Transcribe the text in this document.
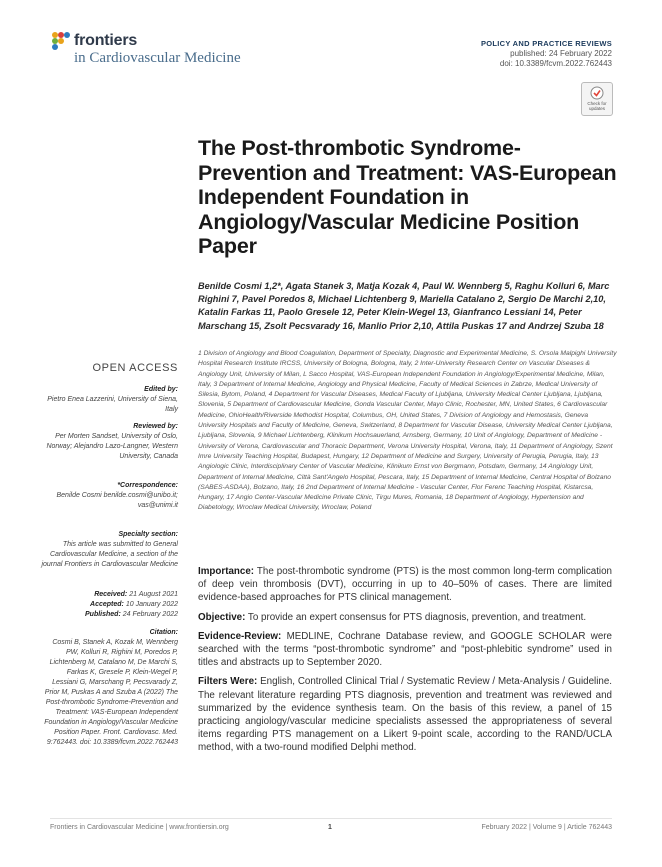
frontiers
in Cardiovascular Medicine
POLICY AND PRACTICE REVIEWS
published: 24 February 2022
doi: 10.3389/fcvm.2022.762443
Check for updates
The Post-thrombotic Syndrome-Prevention and Treatment: VAS-European Independent Foundation in Angiology/Vascular Medicine Position Paper
Benilde Cosmi 1,2*, Agata Stanek 3, Matja Kozak 4, Paul W. Wennberg 5, Raghu Kolluri 6, Marc Righini 7, Pavel Poredos 8, Michael Lichtenberg 9, Mariella Catalano 2, Sergio De Marchi 2,10, Katalin Farkas 11, Paolo Gresele 12, Peter Klein-Wegel 13, Gianfranco Lessiani 14, Peter Marschang 15, Zsolt Pecsvarady 16, Manlio Prior 2,10, Attila Puskas 17 and Andrzej Szuba 18
1 Division of Angiology and Blood Coagulation, Department of Specialty, Diagnostic and Experimental Medicine, S. Orsola Malpighi University Hospital Research Institute IRCSS, University of Bologna, Bologna, Italy, 2 Inter-University Research Center on Vascular Diseases & Angiology Unit, University of Milan, L Sacco Hospital, VAS-European Independent Foundation in Angiology/Experimental Medicine, Milan, Italy, 3 Department of Internal Medicine, Angiology and Physical Medicine, Faculty of Medical Sciences in Zabrze, Medical University of Silesia, Bytom, Poland, 4 Department for Vascular Diseases, Medical Faculty of Ljubljana, University Medical Center Ljubljana, Ljubljana, Slovenia, 5 Department of Cardiovascular Medicine, Gonda Vascular Center, Mayo Clinic, Rochester, MN, United States, 6 Cardiovascular Medicine, OhioHealth/Riverside Methodist Hospital, Columbus, OH, United States, 7 Division of Angiology and Hemostasis, Geneva University Hospitals and Faculty of Medicine, Geneva, Switzerland, 8 Department for Vascular Disease, University Medical Center Ljubljana, Ljubljana, Slovenia, 9 Michael Lichtenberg, Klinikum Hochsauerland, Arnsberg, Germany, 10 Unit of Angiology, Department of Medicine - University of Verona, Cardiovascular and Thoracic Department, Verona University Hospital, Verona, Italy, 11 Department of Angiology, Szent Imre University Teaching Hospital, Budapest, Hungary, 12 Department of Medicine and Surgery, University of Perugia, Perugia, Italy, 13 Angiologic Clinic, Interdisciplinary Center of Vascular Medicine, Klinikum Ernst von Bergmann, Potsdam, Germany, 14 Angiology Unit, Department of Internal Medicine, Città Sant'Angelo Hospital, Pescara, Italy, 15 Department of Internal Medicine, Central Hospital of Bolzano (SABES-ASDAA), Bolzano, Italy, 16 2nd Department of Internal Medicine - Vascular Center, Flor Ferenc Teaching Hospital, Kistarcsa, Hungary, 17 Angio Center-Vascular Medicine Private Clinic, Tirgu Mures, Romania, 18 Department of Angiology, Hypertension and Diabetology, Wroclaw Medical University, Wroclaw, Poland
OPEN ACCESS
Edited by:
Pietro Enea Lazzerini, University of Siena, Italy
Reviewed by:
Per Morten Sandset, University of Oslo, Norway; Alejandro Lazo-Langner, Western University, Canada
*Correspondence:
Benilde Cosmi benilde.cosmi@unibo.it; vas@unimi.it
Specialty section:
This article was submitted to General Cardiovascular Medicine, a section of the journal Frontiers in Cardiovascular Medicine
Received: 21 August 2021
Accepted: 10 January 2022
Published: 24 February 2022
Citation:
Cosmi B, Stanek A, Kozak M, Wennberg PW, Kolluri R, Righini M, Poredos P, Lichtenberg M, Catalano M, De Marchi S, Farkas K, Gresele P, Klein-Wegel P, Lessiani G, Marschang P, Pecsvarady Z, Prior M, Puskas A and Szuba A (2022) The Post-thrombotic Syndrome-Prevention and Treatment: VAS-European Independent Foundation in Angiology/Vascular Medicine Position Paper. Front. Cardiovasc. Med. 9:762443. doi: 10.3389/fcvm.2022.762443

Importance: The post-thrombotic syndrome (PTS) is the most common long-term complication of deep vein thrombosis (DVT), occurring in up to 40–50% of cases. There are limited evidence-based approaches for PTS clinical management.

Objective: To provide an expert consensus for PTS diagnosis, prevention, and treatment.

Evidence-Review: MEDLINE, Cochrane Database review, and GOOGLE SCHOLAR were searched with the terms “post-thrombotic syndrome” and “post-phlebitic syndrome” used in titles and abstracts up to September 2020.

Filters Were: English, Controlled Clinical Trial / Systematic Review / Meta-Analysis / Guideline. The relevant literature regarding PTS diagnosis, prevention and treatment was reviewed and summarized by the evidence synthesis team. On the basis of this review, a panel of 15 practicing angiology/vascular medicine specialists assessed the appropriateness of several items regarding PTS management on a Likert 9-point scale, according to the RAND/UCLA method, with a two-round modified Delphi method.

Frontiers in Cardiovascular Medicine | www.frontiersin.org	1	February 2022 | Volume 9 | Article 762443
